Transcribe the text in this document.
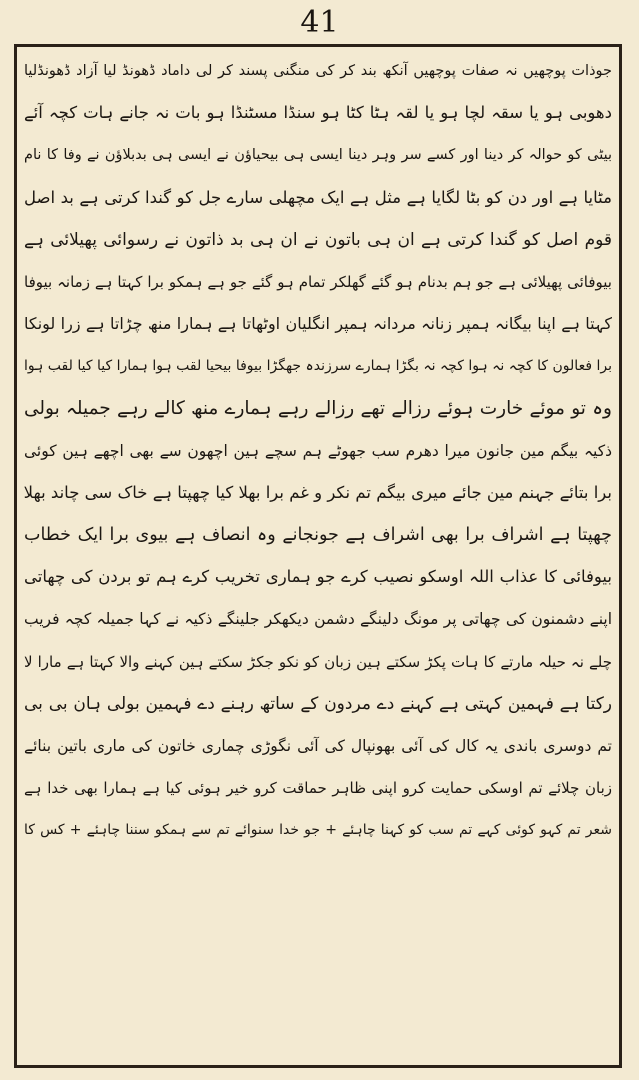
41
جوذات پوچھیں نہ صفات پوچھیں آنکھ بند کر کی منگنی پسند کر لی داماد ڈھونڈ لیا آزاد ڈھونڈلیا
دھوبی ہو یا سقہ لچا ہو یا لقہ ہٹا کٹا ہو سنڈا مسٹنڈا ہو بات نہ جانے ہات کچہ آئے
بیٹی کو حوالہ کر دینا اور کسے سر وہر دینا ایسی ہی بیحیاؤن نے ایسی ہی بدبلاؤن نے وفا کا نام
مٹایا ہے اور دن کو بٹا لگایا ہے مثل ہے ایک مچھلی سارے جل کو گندا کرتی ہے بد اصل
قوم اصل کو گندا کرتی ہے ان ہی باتون نے ان ہی بد ذاتون نے رسوائی پھیلائی ہے
بیوفائی پھیلائی ہے جو ہم بدنام ہو گئے گھلکر تمام ہو گئے جو ہے ہمکو برا کہتا ہے زمانہ بیوفا
کہتا ہے اپنا بیگانہ ہمپر زنانہ مردانہ ہمپر انگلیان اوٹھاتا ہے ہمارا منھ چڑاتا ہے زرا لونکا
برا فعالون کا کچہ نہ ہوا کچہ نہ بگڑا ہمارے سرزندہ جھگڑا بیوفا بیحیا لقب ہوا ہمارا کیا کیا لقب ہوا
وہ تو موئے خارت ہوئے رزالے تھے رزالے رہے ہمارے منھ کالے رہے جمیلہ بولی
ذکیہ بیگم مین جانون میرا دھرم سب جھوٹے ہم سچے ہین اچھون سے بھی اچھے ہین کوئی
برا بتائے جہنم مین جائے میری بیگم تم نکر و غم برا بھلا کیا چھپتا ہے خاک سی چاند بھلا
چھپتا ہے اشراف برا بھی اشراف ہے جونجانے وہ انصاف ہے بیوی برا ایک خطاب
بیوفائی کا عذاب اللہ اوسکو نصیب کرے جو ہماری تخریب کرے ہم تو بردن کی چھاتی
اپنے دشمنون کی چھاتی پر مونگ دلینگے دشمن دیکھکر جلینگے ذکیہ نے کہا جمیلہ کچہ فریب
چلے نہ حیلہ مارتے کا ہات پکڑ سکتے ہین زبان کو نکو جکڑ سکتے ہین کہنے والا کہتا ہے مارا لا
رکتا ہے فہمین کہتی ہے کہنے دے مردون کے ساتھ رہنے دے فہمین بولی ہان بی بی
تم دوسری باندی یہ کال کی آئی بھونپال کی آئی نگوڑی چماری خاتون کی ماری باتین بنائے
زبان چلائے تم اوسکی حمایت کرو اپنی ظاہر حماقت کرو خیر ہوئی کیا ہے ہمارا بھی خدا ہے
شعر تم کہو کوئی کہے تم سب کو کہنا چاہئے + جو خدا سنوائے تم سے ہمکو سننا چاہئے + کس کا
